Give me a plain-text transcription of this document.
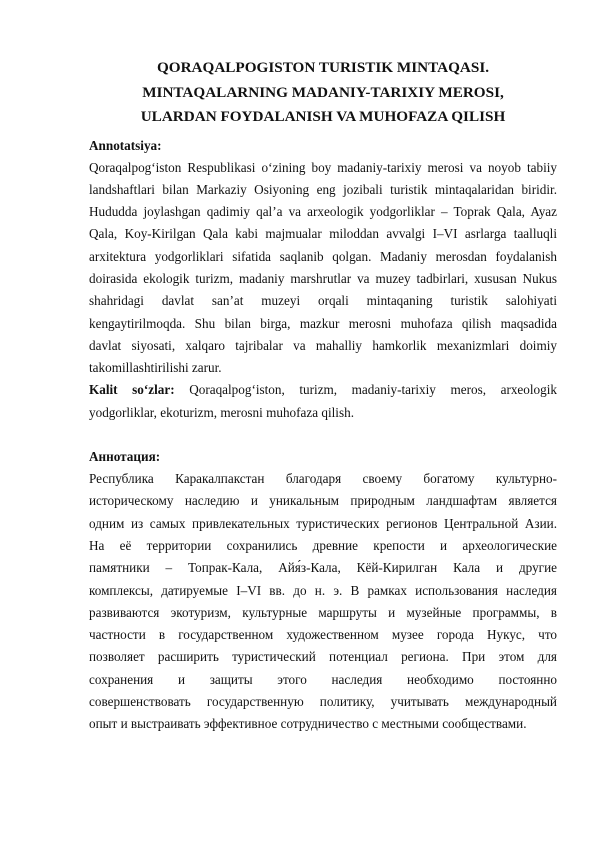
QORAQALPOGISTON TURISTIK MINTAQASI.
MINTAQALARNING MADANIY-TARIXIY MEROSI,
ULARDAN FOYDALANISH VA MUHOFAZA QILISH

Annotatsiya:

Qoraqalpog‘iston Respublikasi o‘zining boy madaniy-tarixiy merosi va noyob tabiiy
landshaftlari bilan Markaziy Osiyoning eng jozibali turistik mintaqalaridan biridir.
Hududda joylashgan qadimiy qal’a va arxeologik yodgorliklar – Toprak Qala, Ayaz
Qala, Koy-Kirilgan Qala kabi majmualar miloddan avvalgi I–VI asrlarga taalluqli
arxitektura yodgorliklari sifatida saqlanib qolgan. Madaniy merosdan foydalanish
doirasida ekologik turizm, madaniy marshrutlar va muzey tadbirlari, xususan Nukus
shahridagi davlat san’at muzeyi orqali mintaqaning turistik salohiyati
kengaytirilmoqda. Shu bilan birga, mazkur merosni muhofaza qilish maqsadida
davlat siyosati, xalqaro tajribalar va mahalliy hamkorlik mexanizmlari doimiy
takomillashtirilishi zarur.
Kalit so‘zlar: Qoraqalpog‘iston, turizm, madaniy-tarixiy meros, arxeologik
yodgorliklar, ekoturizm, merosni muhofaza qilish.

Аннотация:

Республика Каракалпакстан благодаря своему богатому культурно-
историческому наследию и уникальным природным ландшафтам является
одним из самых привлекательных туристических регионов Центральной Азии.
На её территории сохранились древние крепости и археологические
памятники – Топрак-Кала, Айя́з-Кала, Кёй-Кирилган Кала и другие
комплексы, датируемые I–VI вв. до н. э. В рамках использования наследия
развиваются экотуризм, культурные маршруты и музейные программы, в
частности в государственном художественном музее города Нукус, что
позволяет расширить туристический потенциал региона. При этом для
сохранения и защиты этого наследия необходимо постоянно
совершенствовать государственную политику, учитывать международный
опыт и выстраивать эффективное сотрудничество с местными сообществами.
